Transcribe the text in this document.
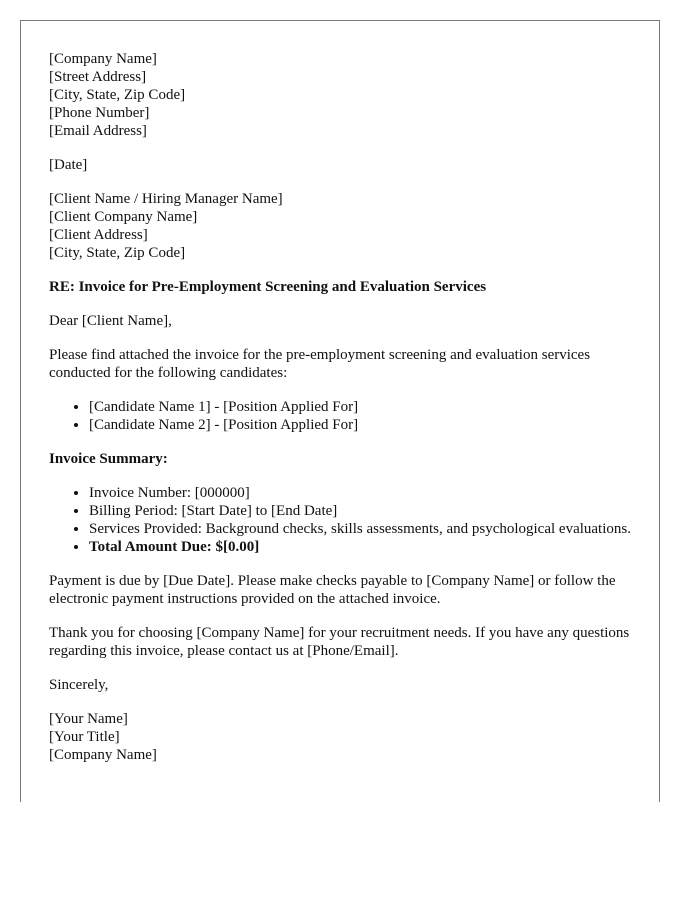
[Company Name]
[Street Address]
[City, State, Zip Code]
[Phone Number]
[Email Address]

[Date]

[Client Name / Hiring Manager Name]
[Client Company Name]
[Client Address]
[City, State, Zip Code]

RE: Invoice for Pre-Employment Screening and Evaluation Services

Dear [Client Name],

Please find attached the invoice for the pre-employment screening and evaluation services conducted for the following candidates:

• [Candidate Name 1] - [Position Applied For]
• [Candidate Name 2] - [Position Applied For]

Invoice Summary:

• Invoice Number: [000000]
• Billing Period: [Start Date] to [End Date]
• Services Provided: Background checks, skills assessments, and psychological evaluations.
• Total Amount Due: $[0.00]

Payment is due by [Due Date]. Please make checks payable to [Company Name] or follow the electronic payment instructions provided on the attached invoice.

Thank you for choosing [Company Name] for your recruitment needs. If you have any questions regarding this invoice, please contact us at [Phone/Email].

Sincerely,

[Your Name]
[Your Title]
[Company Name]
